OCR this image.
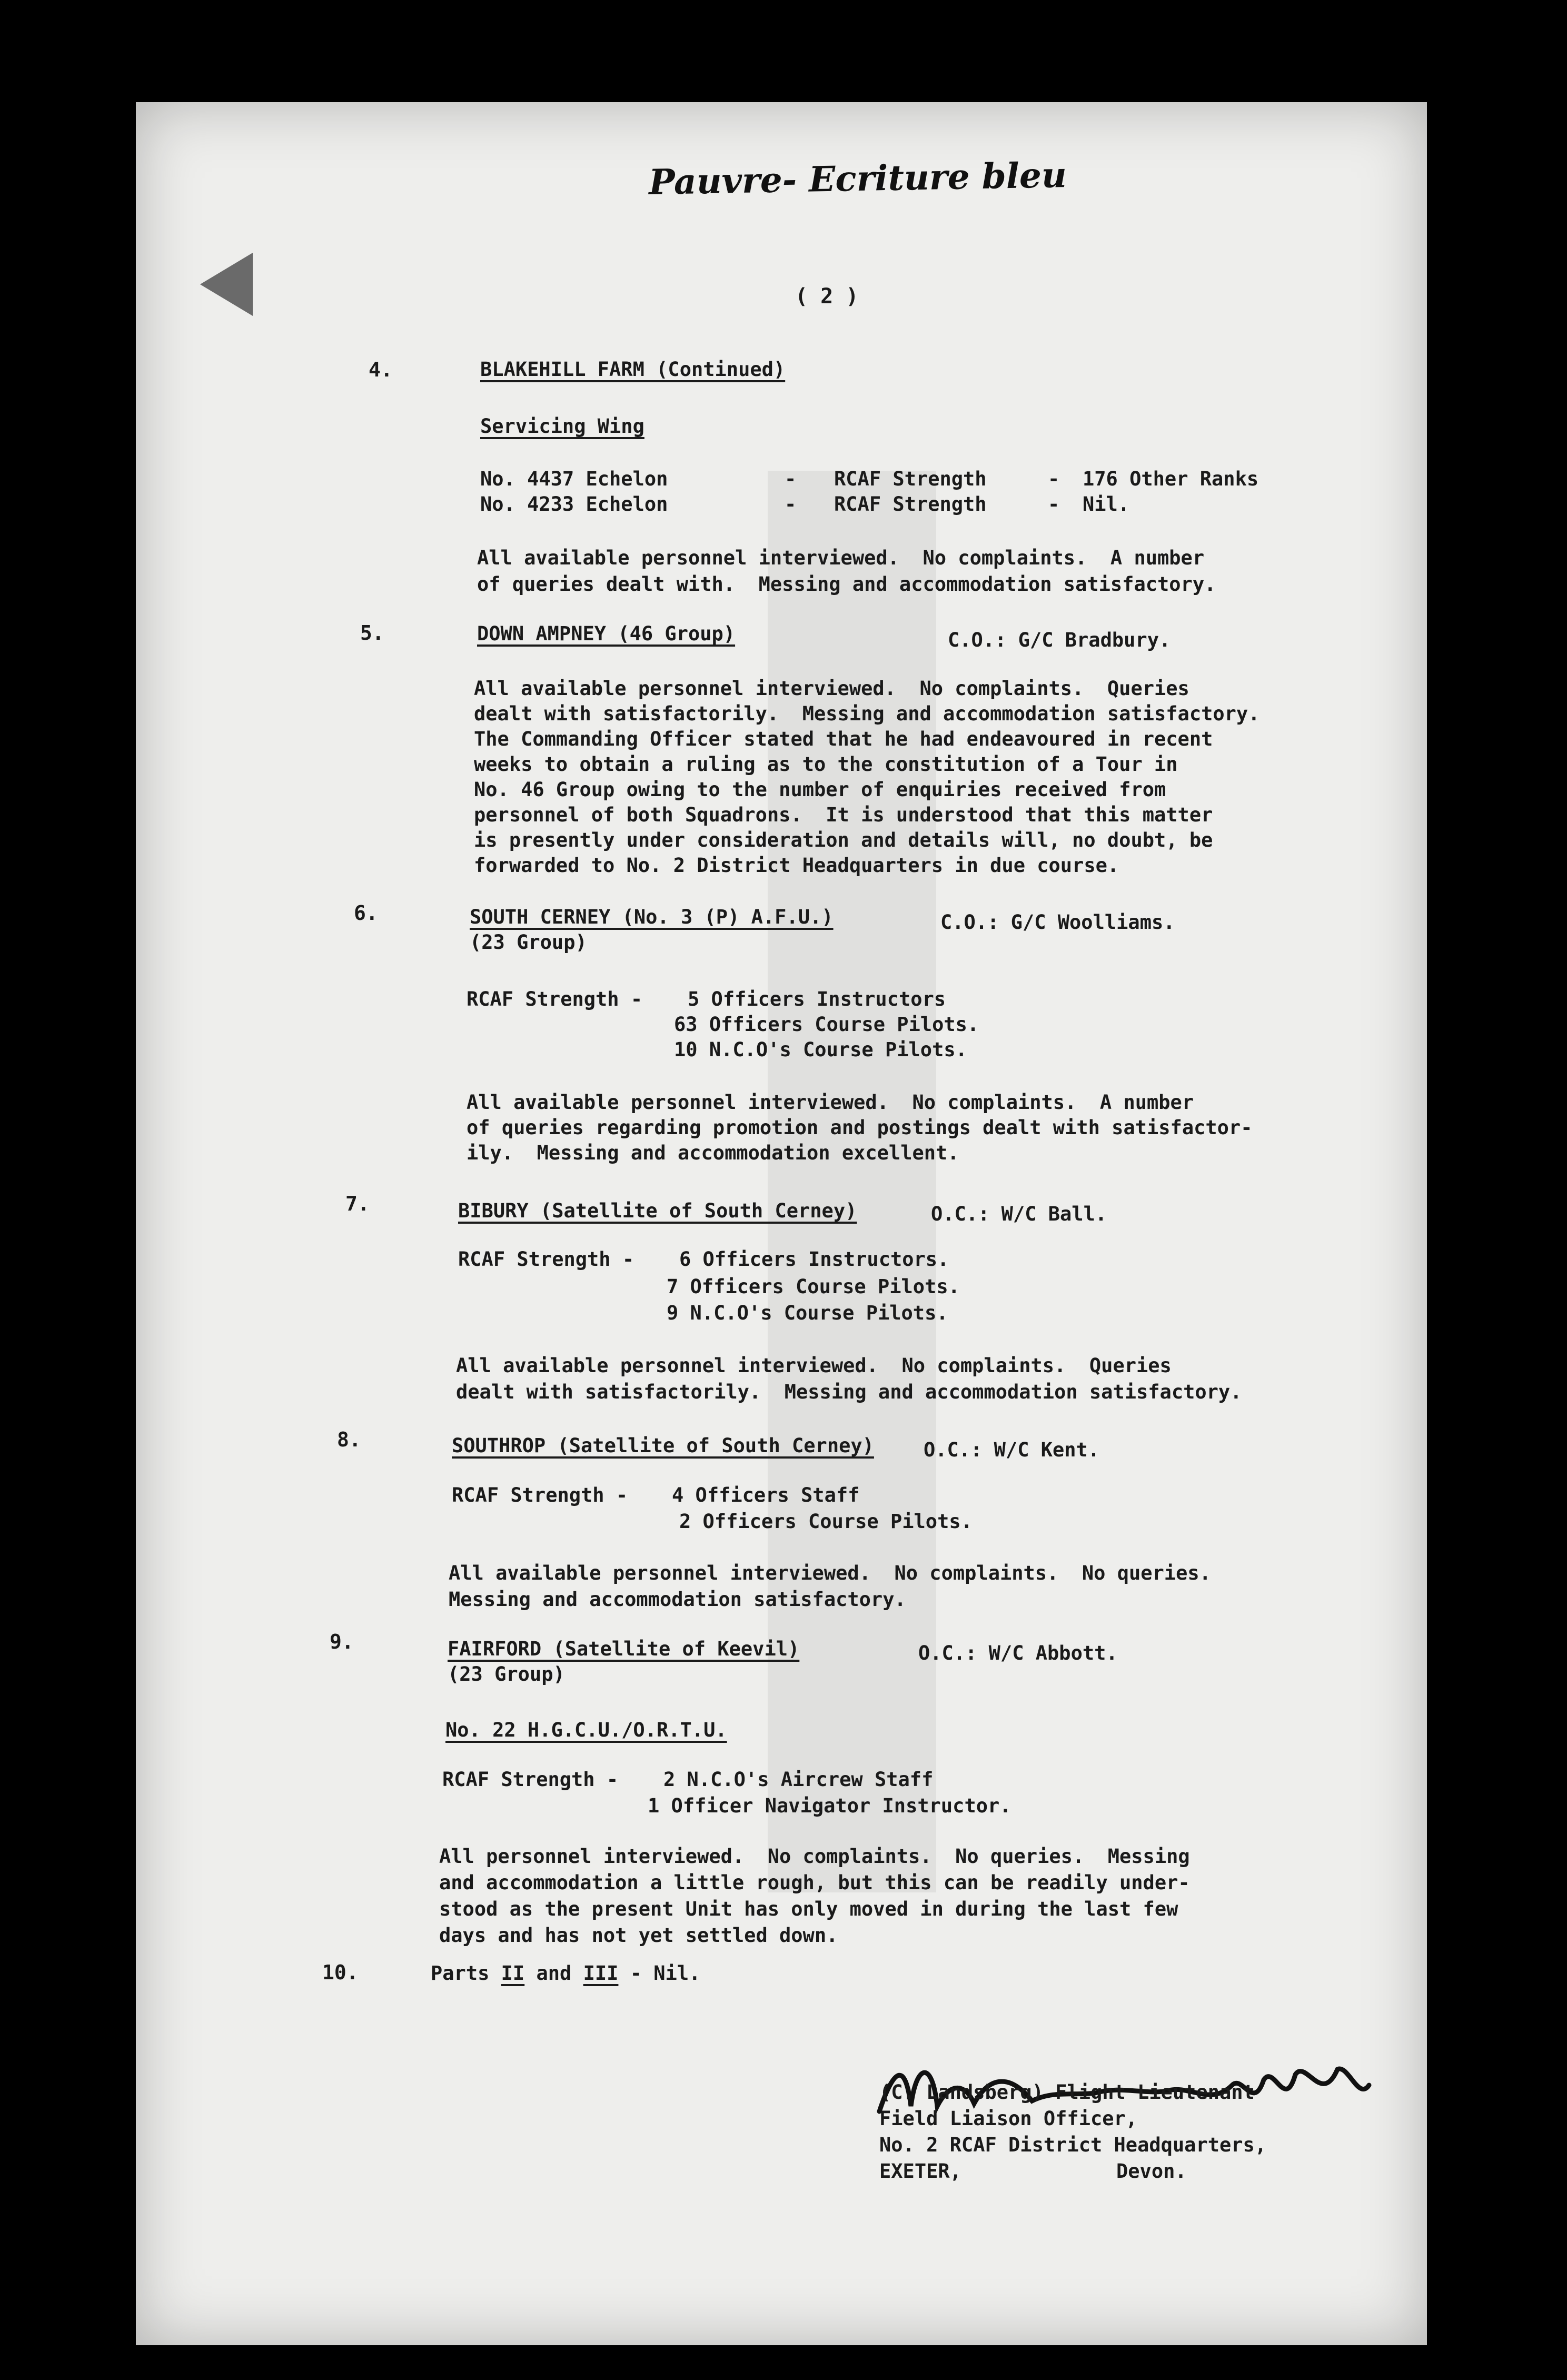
Pauvre- Ecriture bleu
( 2 )
4.	BLAKEHILL FARM (Continued)
Servicing Wing
No. 4437 Echelon	- RCAF Strength	- 176 Other Ranks
No. 4233 Echelon	- RCAF Strength	- Nil.
All available personnel interviewed.  No complaints.  A number
of queries dealt with.  Messing and accommodation satisfactory.
5.	DOWN AMPNEY (46 Group)	C.O.: G/C Bradbury.
All available personnel interviewed.  No complaints.  Queries
dealt with satisfactorily.  Messing and accommodation satisfactory.
The Commanding Officer stated that he had endeavoured in recent
weeks to obtain a ruling as to the constitution of a Tour in
No. 46 Group owing to the number of enquiries received from
personnel of both Squadrons.  It is understood that this matter
is presently under consideration and details will, no doubt, be
forwarded to No. 2 District Headquarters in due course.
6.	SOUTH CERNEY (No. 3 (P) A.F.U.)
(23 Group)
C.O.: G/C Woolliams.
RCAF Strength - 5 Officers Instructors
63 Officers Course Pilots.
10 N.C.O's Course Pilots.
All available personnel interviewed.  No complaints.  A number
of queries regarding promotion and postings dealt with satisfactor-
ily.  Messing and accommodation excellent.
7.	BIBURY (Satellite of South Cerney)	O.C.: W/C Ball.
RCAF Strength - 6 Officers Instructors.
7 Officers Course Pilots.
9 N.C.O's Course Pilots.
All available personnel interviewed.  No complaints.  Queries
dealt with satisfactorily.  Messing and accommodation satisfactory.
8.	SOUTHROP (Satellite of South Cerney)	O.C.: W/C Kent.
RCAF Strength - 4 Officers Staff
2 Officers Course Pilots.
All available personnel interviewed.  No complaints.  No queries.
Messing and accommodation satisfactory.
9.	FAIRFORD (Satellite of Keevil)
(23 Group)
O.C.: W/C Abbott.
No. 22 H.G.C.U./O.R.T.U.
RCAF Strength - 2 N.C.O's Aircrew Staff
1 Officer Navigator Instructor.
All personnel interviewed.  No complaints.  No queries.  Messing
and accommodation a little rough, but this can be readily under-
stood as the present Unit has only moved in during the last few
days and has not yet settled down.
10.	Parts II and III - Nil.
(C. Landsberg) Flight Lieutenant
Field Liaison Officer,
No. 2 RCAF District Headquarters,
EXETER,	Devon.
